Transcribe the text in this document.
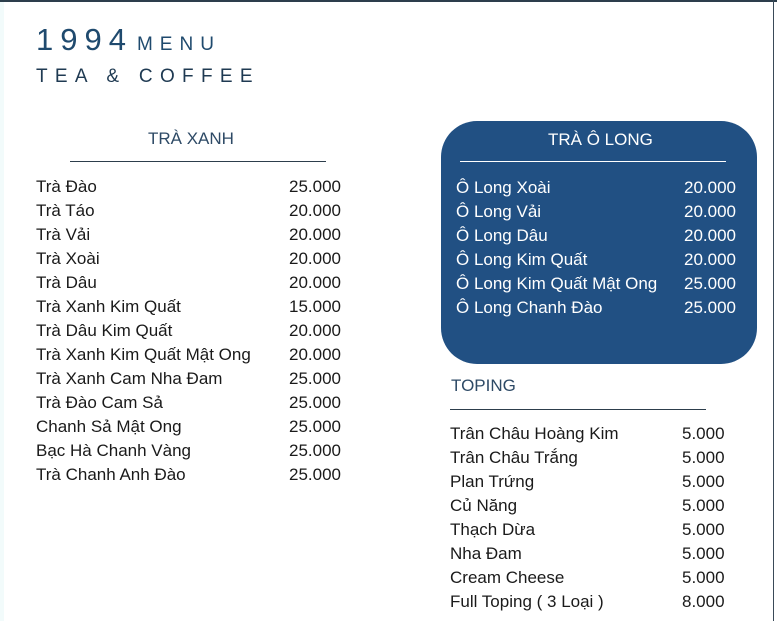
1994 MENU
TEA & COFFEE
TRÀ XANH
Trà Đào	25.000
Trà Táo	20.000
Trà Vải	20.000
Trà Xoài	20.000
Trà Dâu	20.000
Trà Xanh Kim Quất	15.000
Trà Dâu Kim Quất	20.000
Trà Xanh Kim Quất Mật Ong 20.000
Trà Xanh Cam Nha Đam	25.000
Trà Đào Cam Sả	25.000
Chanh Sả Mật Ong	25.000
Bạc Hà Chanh Vàng	25.000
Trà Chanh Anh Đào	25.000
TRÀ Ô LONG
Ô Long Xoài	20.000
Ô Long Vải	20.000
Ô Long Dâu	20.000
Ô Long Kim Quất	20.000
Ô Long Kim Quất Mật Ong 25.000
Ô Long Chanh Đào	25.000
TOPING
Trân Châu Hoàng Kim	5.000
Trân Châu Trắng	5.000
Plan Trứng	5.000
Củ Năng	5.000
Thạch Dừa	5.000
Nha Đam	5.000
Cream Cheese	5.000
Full Toping ( 3 Loại )	8.000
